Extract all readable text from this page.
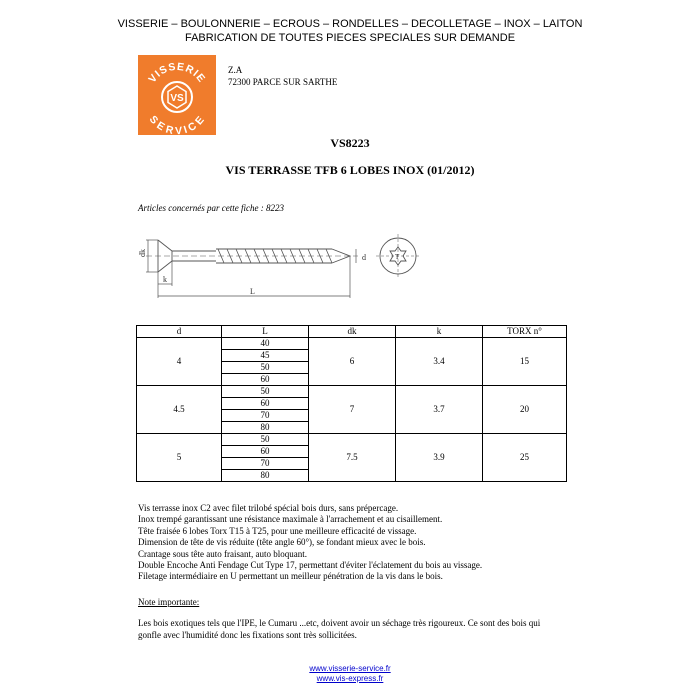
VISSERIE – BOULONNERIE – ECROUS – RONDELLES – DECOLLETAGE – INOX – LAITON
FABRICATION DE TOUTES PIECES SPECIALES SUR DEMANDE
VS
VISSERIE
SERVICE
Z.A
72300 PARCE SUR SARTHE
VS8223
VIS TERRASSE TFB 6 LOBES INOX (01/2012)
Articles concernés par cette fiche : 8223
dk
k
L
d	T
d	L	dk	k	TORX n°
4	40	6	3.4	15
	45			
	50			
	60			
4.5	50	7	3.7	20
	60			
	70			
	80			
5	50	7.5	3.9	25
	60			
	70			
	80			
Vis terrasse inox C2 avec filet trilobé spécial bois durs, sans prépercage.
Inox trempé garantissant une résistance maximale à l'arrachement et au cisaillement.
Tête fraisée 6 lobes Torx T15 à T25, pour une meilleure efficacité de vissage.
Dimension de tête de vis réduite (tête angle 60°), se fondant mieux avec le bois.
Crantage sous tête auto fraisant, auto bloquant.
Double Encoche Anti Fendage Cut Type 17, permettant d'éviter l'éclatement du bois au vissage.
Filetage intermédiaire en U permettant un meilleur pénétration de la vis dans le bois.
Note importante:
Les bois exotiques tels que l'IPE, le Cumaru ...etc, doivent avoir un séchage très rigoureux. Ce sont des bois qui gonfle avec l'humidité donc les fixations sont très sollicitées.
www.visserie-service.fr
www.vis-express.fr
